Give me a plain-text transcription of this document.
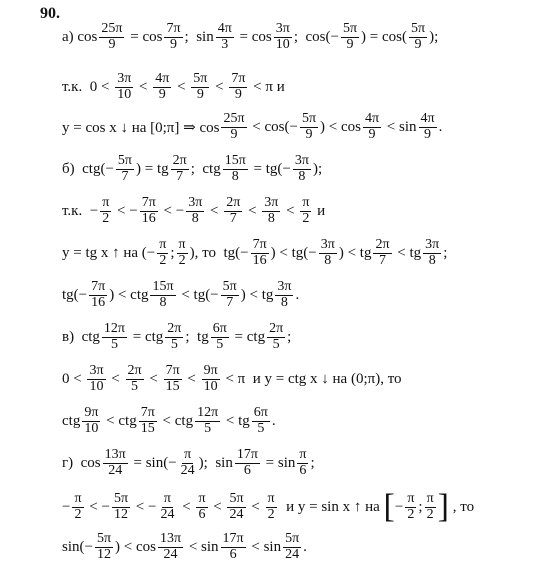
90.
а) $\cos \frac{25\pi}{9} = \cos \frac{7\pi}{9}$ ;  $\sin \frac{4\pi}{3} = \cos \frac{3\pi}{10}$ ;  $\cos(- \frac{5\pi}{9}$ ) = $\cos( \frac{5\pi}{9}$ );
т.к.  $0 < \frac{3\pi}{10} < \frac{4\pi}{9} < \frac{5\pi}{9} < \frac{7\pi}{9} < \pi$ и
y = cos x ↓ на [0;π] ⇒ $\cos \frac{25\pi}{9} < \cos(- \frac{5\pi}{9}$ ) < $\cos \frac{4\pi}{9} < \sin \frac{4\pi}{9}$ .
б)  $ctg(- \frac{5\pi}{7}$ ) = tg $\frac{2\pi}{7}$ ;  ctg $\frac{15\pi}{8} = tg(- \frac{3\pi}{8}$ );
т.к.  − $\frac{\pi}{2}$ < − $\frac{7\pi}{16}$ < − $\frac{3\pi}{8} < \frac{2\pi}{7} < \frac{3\pi}{8} < \frac{\pi}{2}$ и
y = tg x ↑ на (− $\frac{\pi}{2}$ ; $\frac{\pi}{2}$ ), то  $tg(- \frac{7\pi}{16}$ ) < $tg(- \frac{3\pi}{8}$ ) < tg $\frac{2\pi}{7}$ < tg $\frac{3\pi}{8}$ ;
$tg(- \frac{7\pi}{16}$ ) < ctg $\frac{15\pi}{8} < tg(- \frac{5\pi}{7}$ ) < tg $\frac{3\pi}{8}$ .
в)  ctg $\frac{12\pi}{5}$ = ctg $\frac{2\pi}{5}$ ;  tg $\frac{6\pi}{5}$ = ctg $\frac{2\pi}{5}$ ;
$0 < \frac{3\pi}{10} < \frac{2\pi}{5} < \frac{7\pi}{15} < \frac{9\pi}{10} < \pi$  и y = ctg x ↓ на (0;π), то
ctg $\frac{9\pi}{10}$ < ctg $\frac{7\pi}{15}$ < ctg $\frac{12\pi}{5}$ < tg $\frac{6\pi}{5}$ .
г)  $\cos \frac{13\pi}{24} = \sin(- \frac{\pi}{24}$ );  $\sin \frac{17\pi}{6} = \sin \frac{\pi}{6}$ ;
− $\frac{\pi}{2}$ < − $\frac{5\pi}{12}$ < − $\frac{\pi}{24} < \frac{\pi}{6} < \frac{5\pi}{24} < \frac{\pi}{2}$ и y = sin x ↑ на [ − $\frac{\pi}{2}$ ; $\frac{\pi}{2}$ ] , то
$\sin(- \frac{5\pi}{12}$ ) < $\cos \frac{13\pi}{24} < \sin \frac{17\pi}{6} < \sin \frac{5\pi}{24}$ .
